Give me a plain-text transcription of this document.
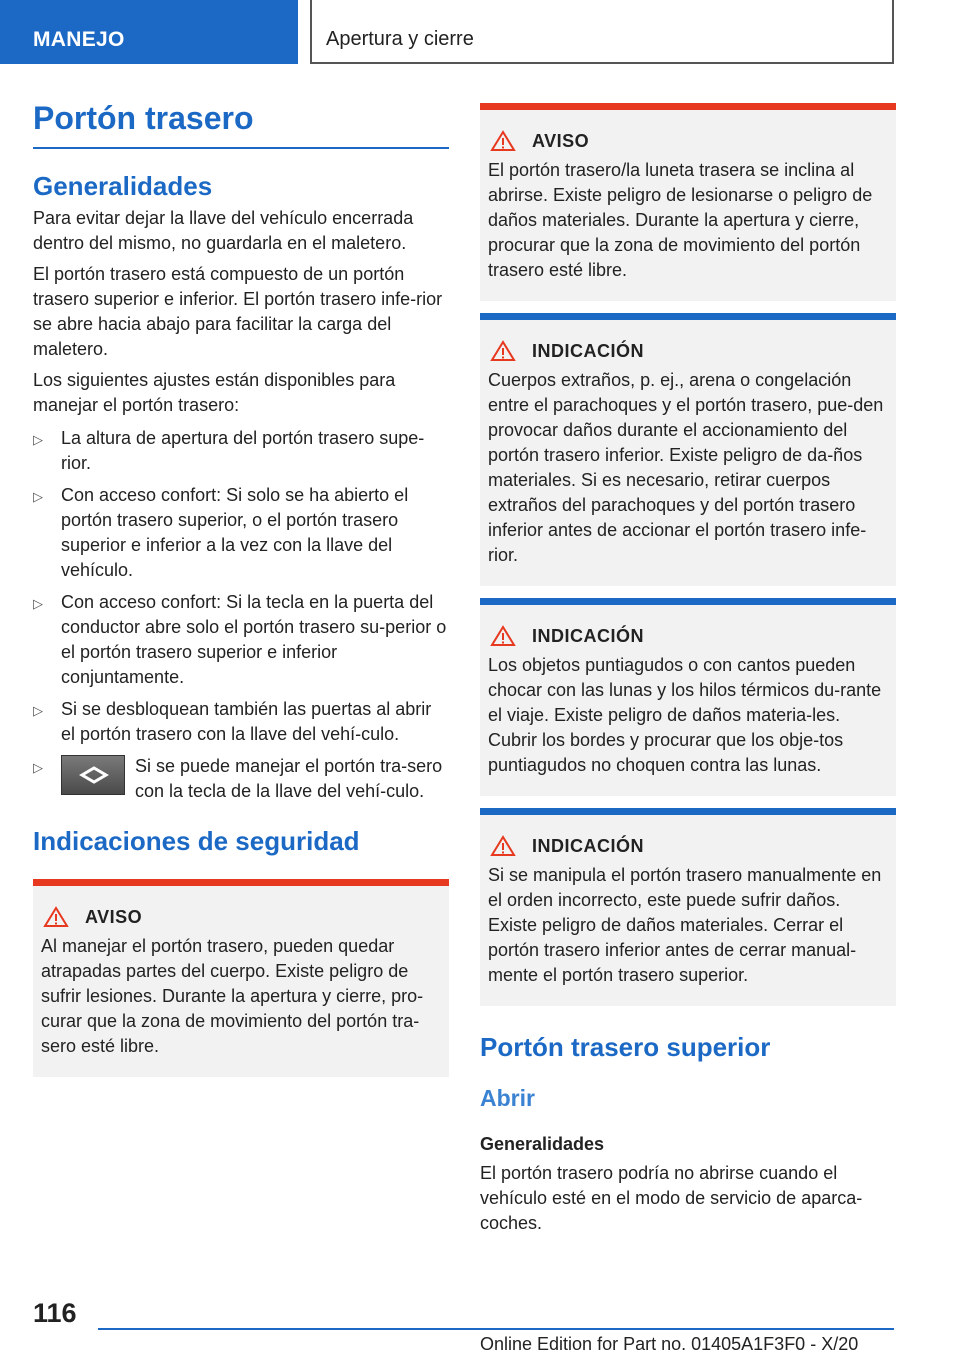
MANEJO	Apertura y cierre
Portón trasero
Generalidades

Para evitar dejar la llave del vehículo encerrada dentro del mismo, no guardarla en el maletero.

El portón trasero está compuesto de un portón trasero superior e inferior. El portón trasero infe-rior se abre hacia abajo para facilitar la carga del maletero.

Los siguientes ajustes están disponibles para manejar el portón trasero:

▷ La altura de apertura del portón trasero supe-rior.
▷ Con acceso confort: Si solo se ha abierto el portón trasero superior, o el portón trasero superior e inferior a la vez con la llave del vehículo.
▷ Con acceso confort: Si la tecla en la puerta del conductor abre solo el portón trasero su-perior o el portón trasero superior e inferior conjuntamente.
▷ Si se desbloquean también las puertas al abrir el portón trasero con la llave del vehí-culo.
▷	Si se puede manejar el portón tra-sero con la tecla de la llave del vehí-culo.
Indicaciones de seguridad
AVISO

Al manejar el portón trasero, pueden quedar atrapadas partes del cuerpo. Existe peligro de sufrir lesiones. Durante la apertura y cierre, pro-curar que la zona de movimiento del portón tra-sero esté libre.

AVISO

El portón trasero/la luneta trasera se inclina al abrirse. Existe peligro de lesionarse o peligro de daños materiales. Durante la apertura y cierre, procurar que la zona de movimiento del portón trasero esté libre.

INDICACIÓN

Cuerpos extraños, p. ej., arena o congelación entre el parachoques y el portón trasero, pue-den provocar daños durante el accionamiento del portón trasero inferior. Existe peligro de da-ños materiales. Si es necesario, retirar cuerpos extraños del parachoques y del portón trasero inferior antes de accionar el portón trasero infe-rior.

INDICACIÓN

Los objetos puntiagudos o con cantos pueden chocar con las lunas y los hilos térmicos du-rante el viaje. Existe peligro de daños materia-les. Cubrir los bordes y procurar que los obje-tos puntiagudos no choquen contra las lunas.

INDICACIÓN

Si se manipula el portón trasero manualmente en el orden incorrecto, este puede sufrir daños. Existe peligro de daños materiales. Cerrar el portón trasero inferior antes de cerrar manual-mente el portón trasero superior.

Portón trasero superior
Abrir
Generalidades

El portón trasero podría no abrirse cuando el vehículo esté en el modo de servicio de aparca-coches.

116
Online Edition for Part no. 01405A1F3F0 - X/20
